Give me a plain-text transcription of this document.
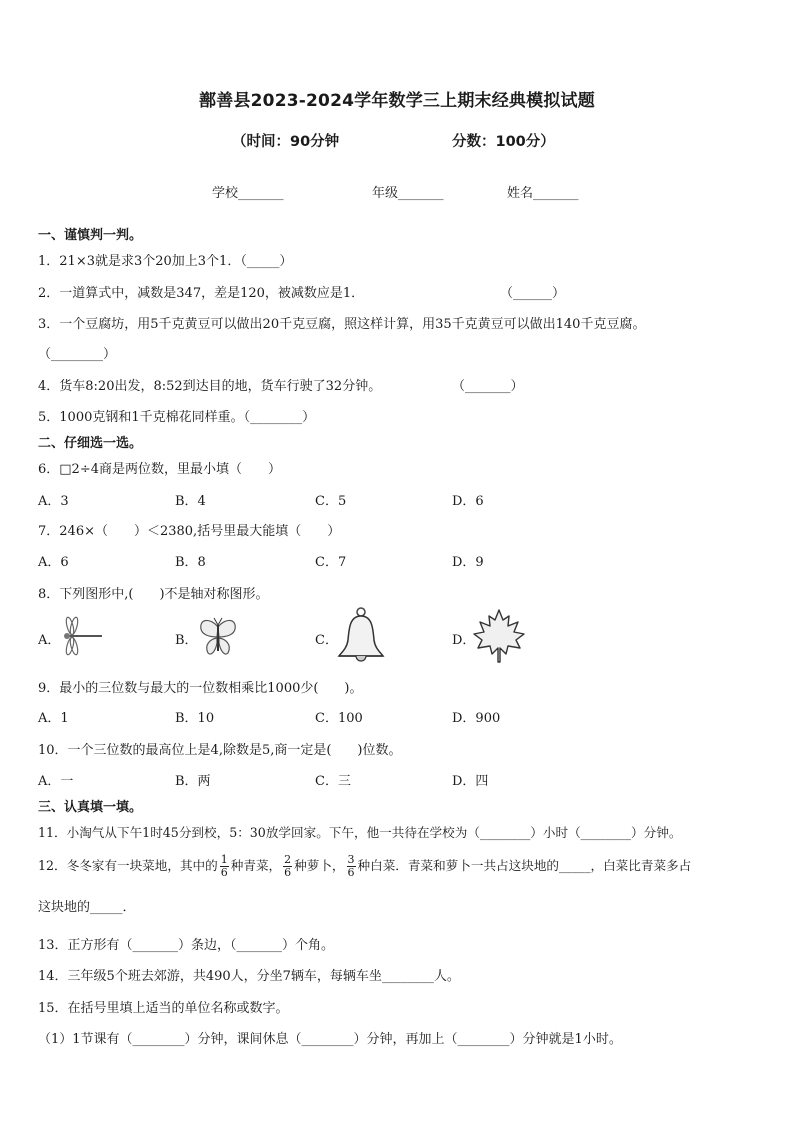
鄯善县2023-2024学年数学三上期末经典模拟试题
（时间：90分钟	分数：100分）
学校_______	年级_______	姓名_______
一、谨慎判一判。
1．21×3就是求3个20加上3个1．（_____）
2．一道算式中，减数是347，差是120，被减数应是1．	（______）
3．一个豆腐坊，用5千克黄豆可以做出20千克豆腐，照这样计算，用35千克黄豆可以做出140千克豆腐。
（________）
4．货车8:20出发，8:52到达目的地，货车行驶了32分钟。	（_______）
5．1000克钢和1千克棉花同样重。（________）
二、仔细选一选。
6．□2÷4商是两位数，里最小填（　　）
A．3	B．4	C．5	D．6
7．246×（　　）＜2380,括号里最大能填（　　）
A．6	B．8	C．7	D．9
8．下列图形中,(　　)不是轴对称图形。
A．	B．	C．	D．
9．最小的三位数与最大的一位数相乘比1000少(　　)。
A．1	B．10	C．100	D．900
10．一个三位数的最高位上是4,除数是5,商一定是(　　)位数。
A．一	B．两	C．三	D．四
三、认真填一填。
11．小淘气从下午1时45分到校，5：30放学回家。下午，他一共待在学校为（________）小时（________）分钟。
12．冬冬家有一块菜地，其中的 $\frac{1}{6}$ 种青菜， $\frac{2}{6}$ 种萝卜， $\frac{3}{6}$ 种白菜．青菜和萝卜一共占这块地的_____，白菜比青菜多占
这块地的_____．
13．正方形有（_______）条边，（_______）个角。
14．三年级5个班去郊游，共490人，分坐7辆车，每辆车坐________人。
15．在括号里填上适当的单位名称或数字。
（1）1节课有（________）分钟，课间休息（________）分钟，再加上（________）分钟就是1小时。
